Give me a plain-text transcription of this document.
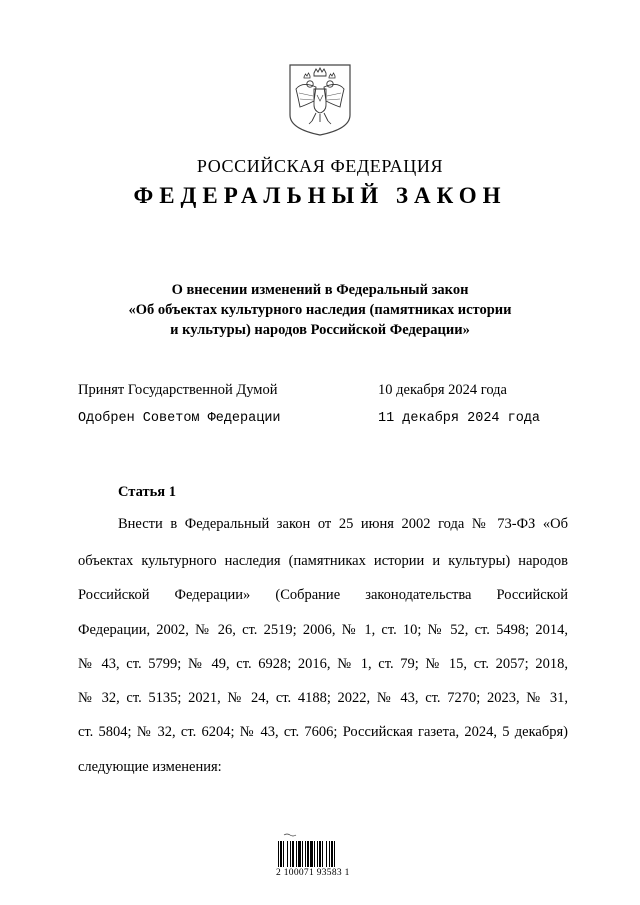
РОССИЙСКАЯ ФЕДЕРАЦИЯ
ФЕДЕРАЛЬНЫЙ ЗАКОН
О внесении изменений в Федеральный закон
«Об объектах культурного наследия (памятниках истории
и культуры) народов Российской Федерации»
Принят Государственной Думой	10 декабря 2024 года
Одобрен Советом Федерации	11 декабря 2024 года
Статья 1
Внести в Федеральный закон от 25 июня 2002 года № 73-ФЗ «Об
объектах культурного наследия (памятниках истории и культуры) народов
Российской Федерации» (Собрание законодательства Российской
Федерации, 2002, № 26, ст. 2519; 2006, № 1, ст. 10; № 52, ст. 5498; 2014,
№ 43, ст. 5799; № 49, ст. 6928; 2016, № 1, ст. 79; № 15, ст. 2057; 2018,
№ 32, ст. 5135; 2021, № 24, ст. 4188; 2022, № 43, ст. 7270; 2023, № 31,
ст. 5804; № 32, ст. 6204; № 43, ст. 7606; Российская газета, 2024, 5 декабря)
следующие изменения:
2 100071 93583 1
